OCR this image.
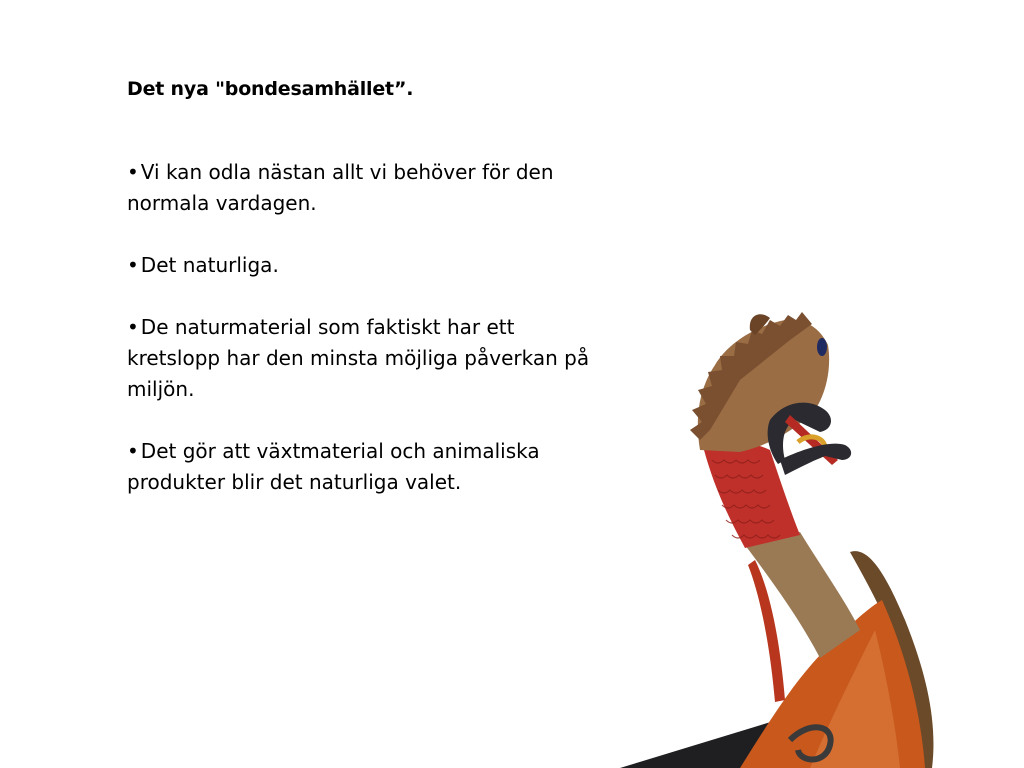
Det nya "bondesamhället”.

• Vi kan odla nästan allt vi behöver för den normala vardagen.

• Det naturliga.

• De naturmaterial som faktiskt har ett kretslopp har den minsta möjliga påverkan på miljön.

• Det gör att växtmaterial och animaliska produkter blir det naturliga valet.
